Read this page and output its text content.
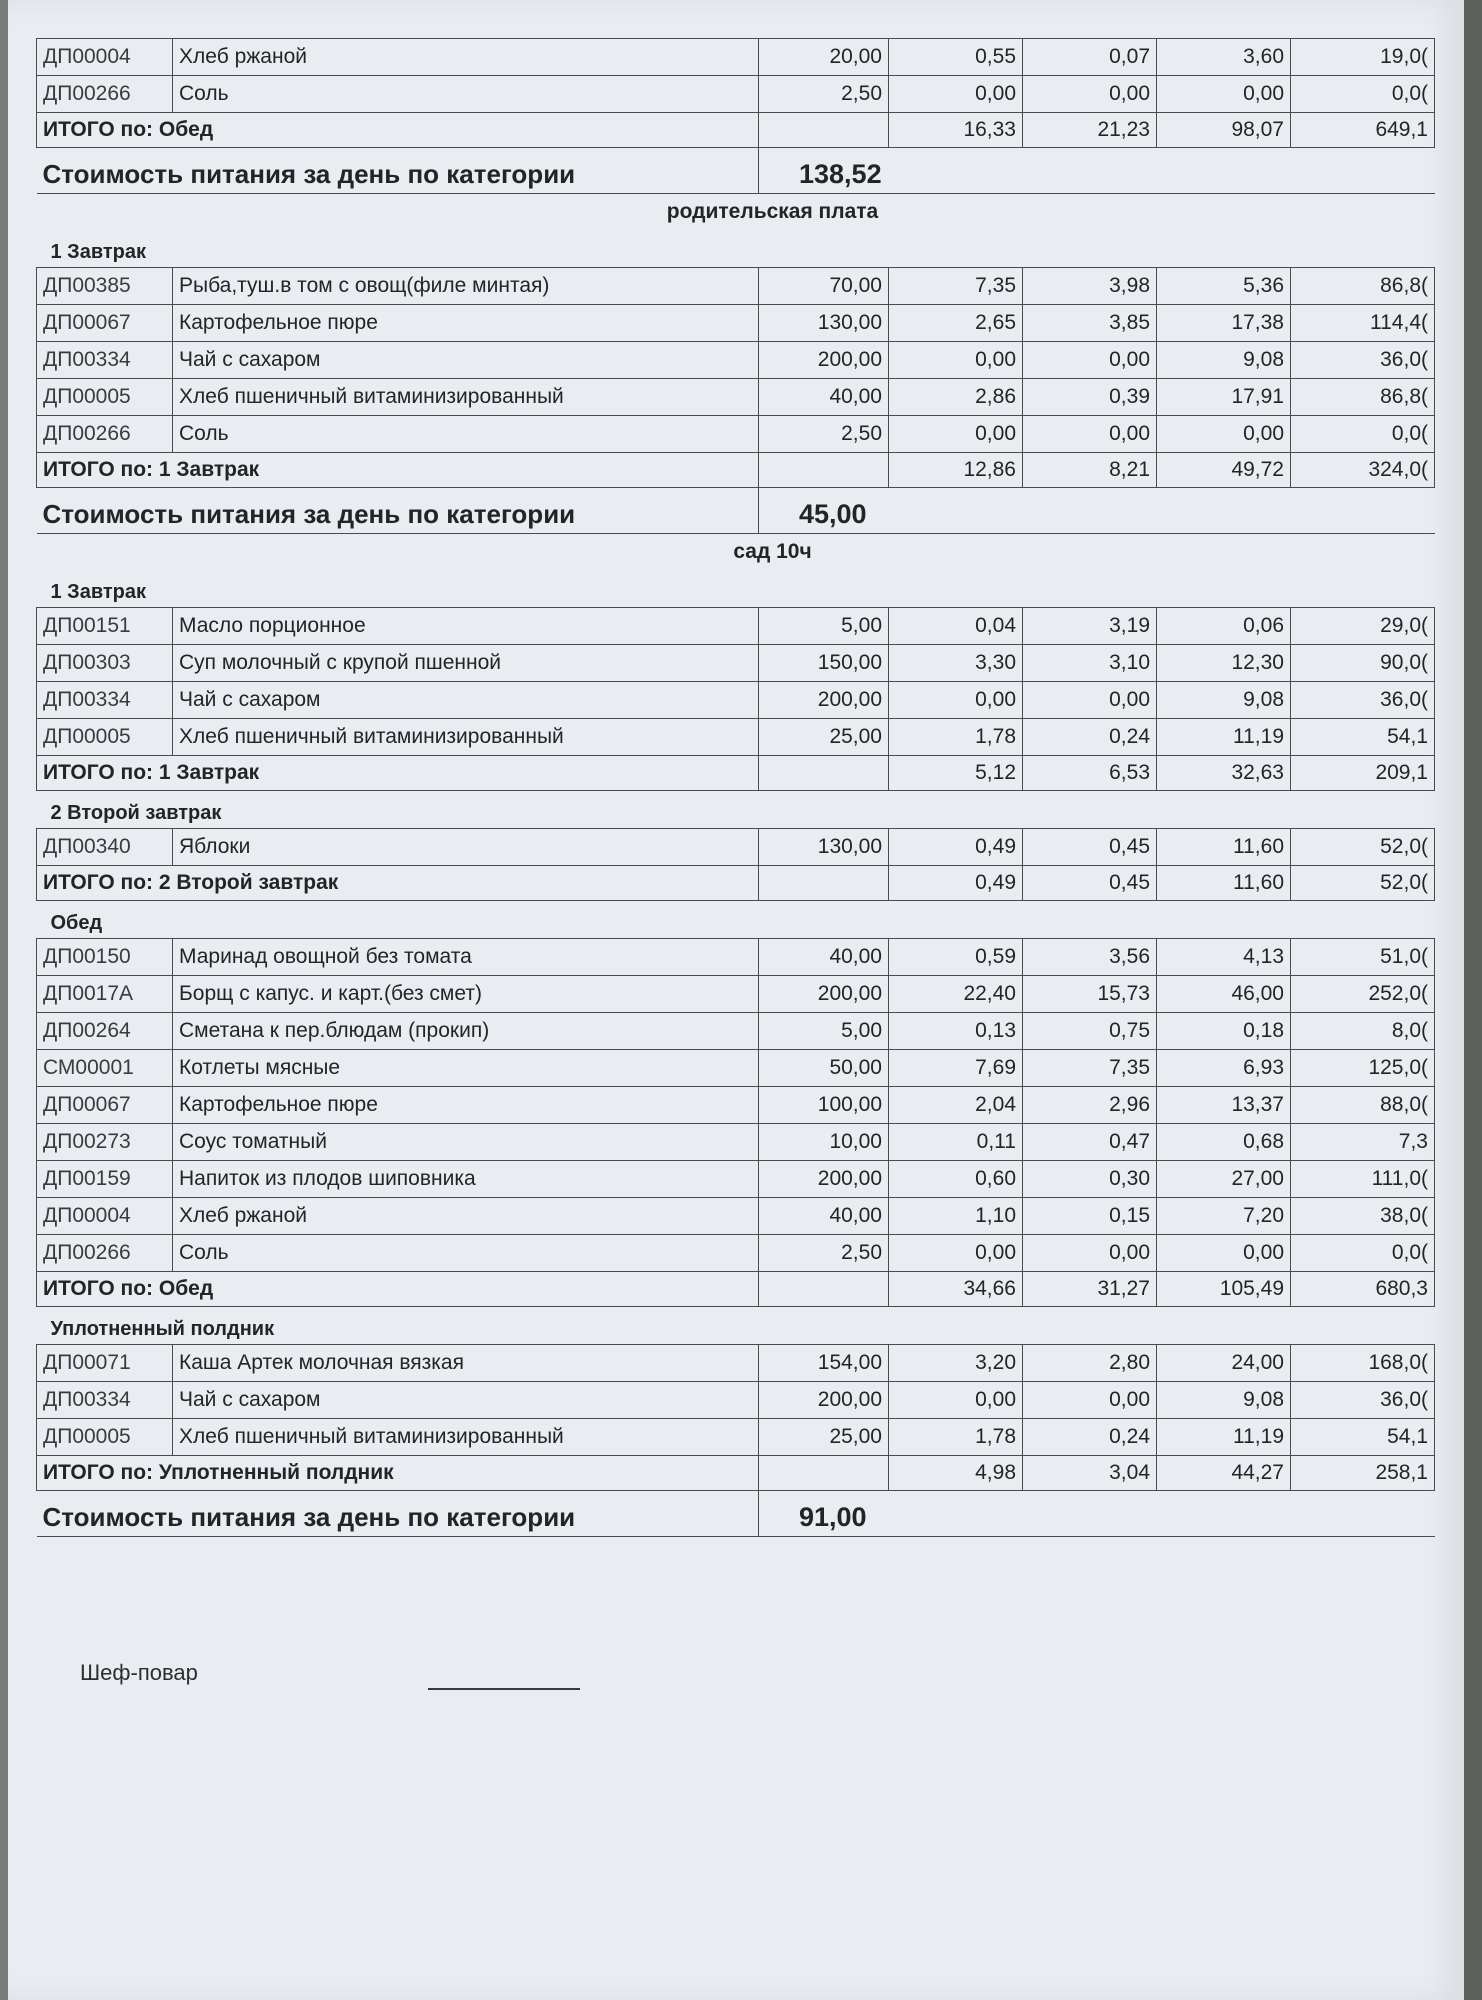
ДП00004	Хлеб ржаной	20,00	0,55	0,07	3,60	19,0(
ДП00266	Соль	2,50	0,00	0,00	0,00	0,0(
ИТОГО по: Обед			16,33	21,23	98,07	649,1
Стоимость питания за день по категории		138,52				
родительская плата						
1 Завтрак						
ДП00385	Рыба,туш.в том с овощ(филе минтая)	70,00	7,35	3,98	5,36	86,8(
ДП00067	Картофельное пюре	130,00	2,65	3,85	17,38	114,4(
ДП00334	Чай с сахаром	200,00	0,00	0,00	9,08	36,0(
ДП00005	Хлеб пшеничный витаминизированный	40,00	2,86	0,39	17,91	86,8(
ДП00266	Соль	2,50	0,00	0,00	0,00	0,0(
ИТОГО по: 1 Завтрак			12,86	8,21	49,72	324,0(
Стоимость питания за день по категории		45,00				
сад 10ч						
1 Завтрак						
ДП00151	Масло порционное	5,00	0,04	3,19	0,06	29,0(
ДП00303	Суп молочный с крупой пшенной	150,00	3,30	3,10	12,30	90,0(
ДП00334	Чай с сахаром	200,00	0,00	0,00	9,08	36,0(
ДП00005	Хлеб пшеничный витаминизированный	25,00	1,78	0,24	11,19	54,1
ИТОГО по: 1 Завтрак			5,12	6,53	32,63	209,1
2 Второй завтрак						
ДП00340	Яблоки	130,00	0,49	0,45	11,60	52,0(
ИТОГО по: 2 Второй завтрак			0,49	0,45	11,60	52,0(
Обед						
ДП00150	Маринад овощной без томата	40,00	0,59	3,56	4,13	51,0(
ДП0017А	Борщ с капус. и карт.(без смет)	200,00	22,40	15,73	46,00	252,0(
ДП00264	Сметана к пер.блюдам (прокип)	5,00	0,13	0,75	0,18	8,0(
СМ00001	Котлеты мясные	50,00	7,69	7,35	6,93	125,0(
ДП00067	Картофельное пюре	100,00	2,04	2,96	13,37	88,0(
ДП00273	Соус томатный	10,00	0,11	0,47	0,68	7,3
ДП00159	Напиток из плодов шиповника	200,00	0,60	0,30	27,00	111,0(
ДП00004	Хлеб ржаной	40,00	1,10	0,15	7,20	38,0(
ДП00266	Соль	2,50	0,00	0,00	0,00	0,0(
ИТОГО по: Обед			34,66	31,27	105,49	680,3
Уплотненный полдник						
ДП00071	Каша Артек молочная вязкая	154,00	3,20	2,80	24,00	168,0(
ДП00334	Чай с сахаром	200,00	0,00	0,00	9,08	36,0(
ДП00005	Хлеб пшеничный витаминизированный	25,00	1,78	0,24	11,19	54,1
ИТОГО по: Уплотненный полдник			4,98	3,04	44,27	258,1
Стоимость питания за день по категории		91,00				
Шеф-повар
